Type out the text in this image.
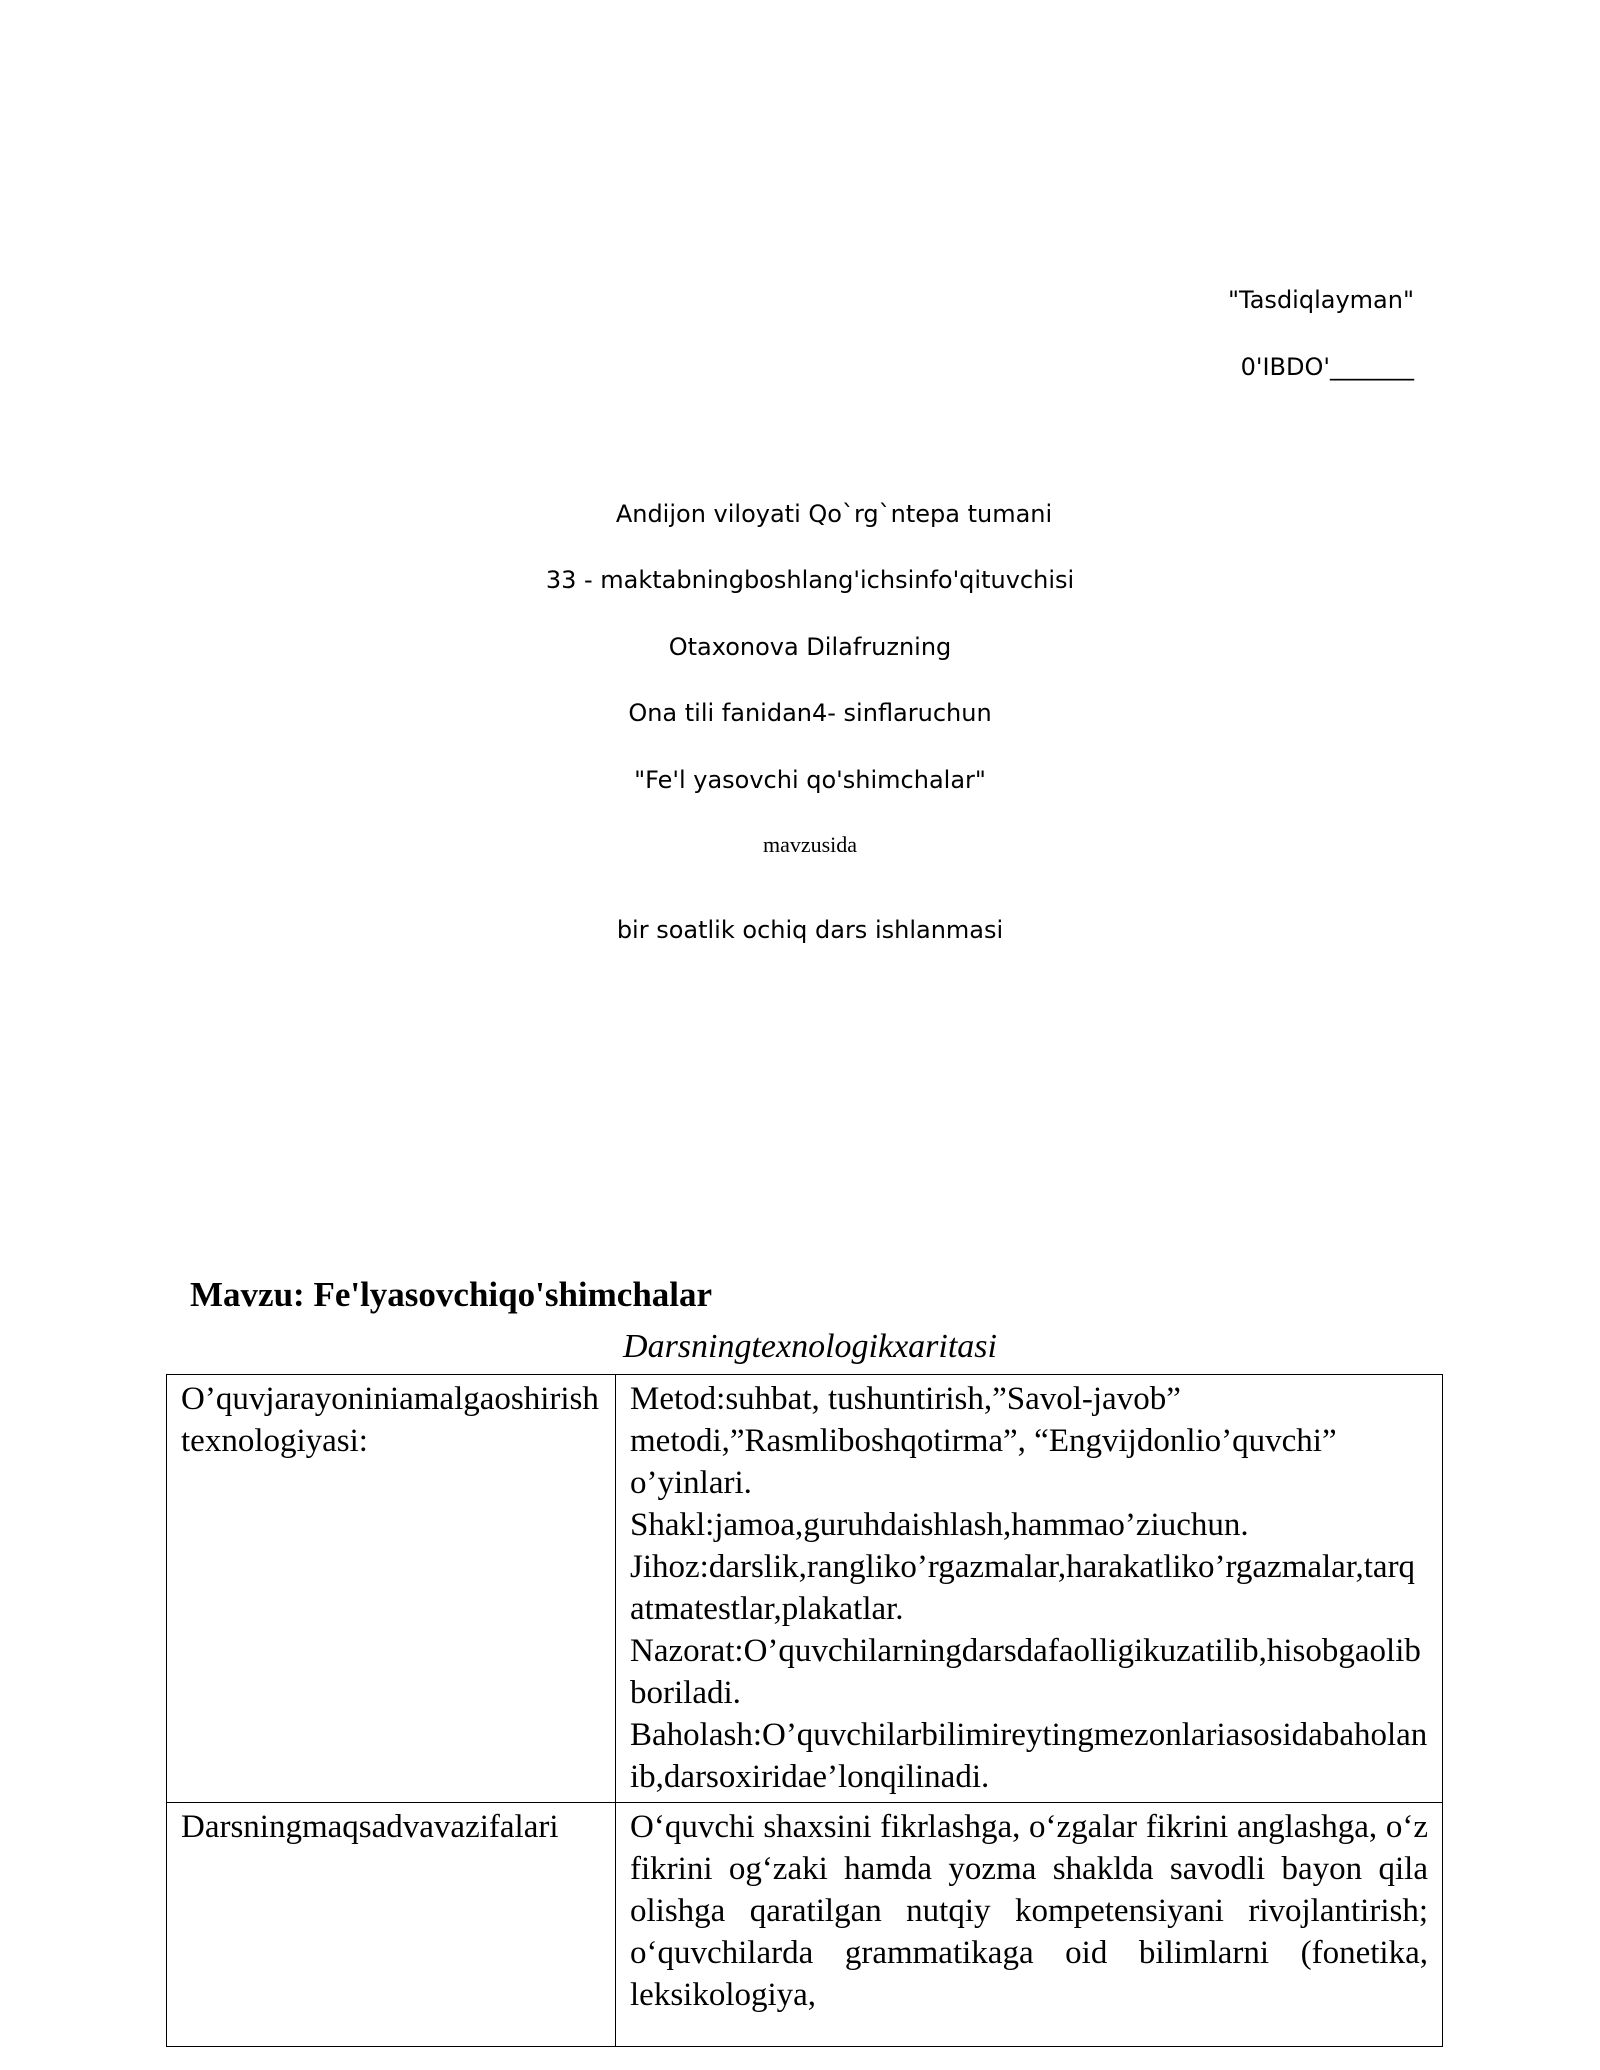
"Tasdiqlayman"
0'IBDO'_______
Andijon viloyati Qo`rg`ntepa tumani
33 - maktabningboshlang'ichsinfo'qituvchisi
Otaxonova Dilafruzning
Ona tili fanidan4- sinflaruchun
"Fe'l yasovchi qo'shimchalar"
mavzusida
bir soatlik ochiq dars ishlanmasi
Mavzu: Fe'lyasovchiqo'shimchalar
Darsningtexnologikxaritasi
O’quvjarayoniniamalgaoshirishtexnologiyasi:	Metod:suhbat, tushuntirish,”Savol-javob” metodi,”Rasmliboshqotirma”, “Engvijdonlio’quvchi” o’yinlari.
Shakl:jamoa,guruhdaishlash,hammao’ziuchun.
Jihoz:darslik,rangliko’rgazmalar,harakatliko’rgazmalar,tarqatmatestlar,plakatlar.
Nazorat:O’quvchilarningdarsdafaolligikuzatilib,hisobgaolibboriladi.
Baholash:O’quvchilarbilimireytingmezonlariasosidabaholanib,darsoxiridae’lonqilinadi.

Darsningmaqsadvavazifalari	O‘quvchi shaxsini fikrlashga, o‘zgalar fikrini anglashga, o‘z fikrini og‘zaki hamda yozma shaklda savodli bayon qila olishga qaratilgan nutqiy kompetensiyani rivojlantirish; o‘quvchilarda grammatikaga oid bilimlarni (fonetika, leksikologiya,
